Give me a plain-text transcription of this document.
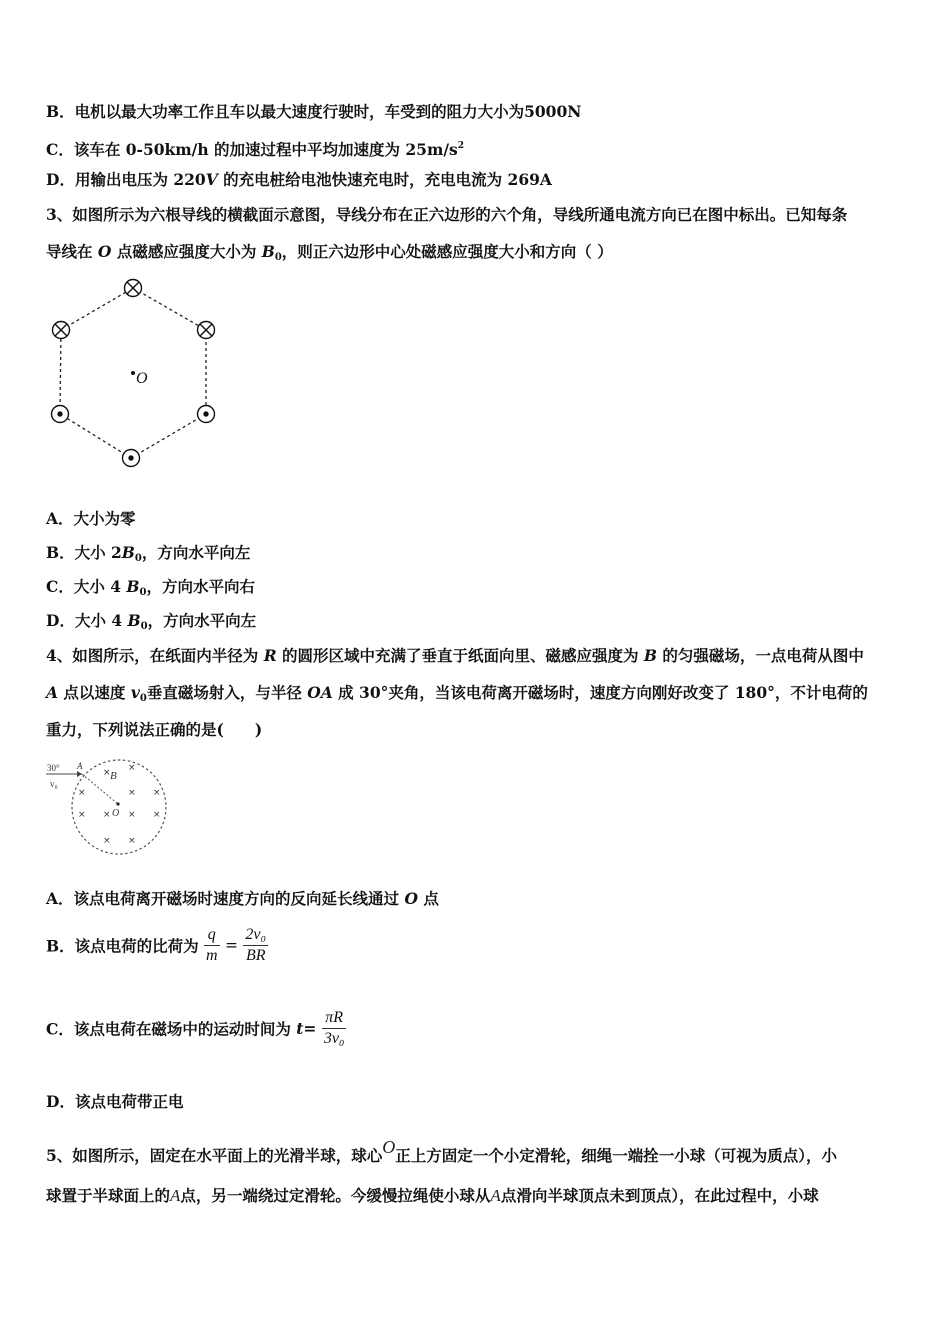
B．电机以最大功率工作且车以最大速度行驶时，车受到的阻力大小为5000N
C．该车在 0-50km/h 的加速过程中平均加速度为 $25m/s^2$
D．用输出电压为 220V 的充电桩给电池快速充电时，充电电流为 269A
3、如图所示为六根导线的横截面示意图，导线分布在正六边形的六个角，导线所通电流方向已在图中标出。已知每条
导线在 O 点磁感应强度大小为 $B_0$，则正六边形中心处磁感应强度大小和方向（ ）
O
A．大小为零
B．大小 $2B_0$，方向水平向左
C．大小 4 $B_0$，方向水平向右
D．大小 4 $B_0$，方向水平向左
4、如图所示，在纸面内半径为 R 的圆形区域中充满了垂直于纸面向里、磁感应强度为 B 的匀强磁场，一点电荷从图中
A 点以速度 $v_0$垂直磁场射入，与半径 OA 成 30°夹角，当该电荷离开磁场时，速度方向刚好改变了 180°，不计电荷的
重力，下列说法正确的是(　　)
30° A
v₀
B
O
× ×
×	× ×
× × × ×
× ×
A．该点电荷离开磁场时速度方向的反向延长线通过 O 点
B．该点电荷的比荷为 $\frac{q}{m} = \frac{\text{2v₀}}{BR}$
C．该点电荷在磁场中的运动时间为 $t= \frac{\pi R}{\text{3v₀}}$
D．该点电荷带正电
5、如图所示，固定在水平面上的光滑半球，球心O正上方固定一个小定滑轮，细绳一端拴一小球（可视为质点），小
球置于半球面上的A点，另一端绕过定滑轮。今缓慢拉绳使小球从A点滑向半球顶点未到顶点），在此过程中，小球
